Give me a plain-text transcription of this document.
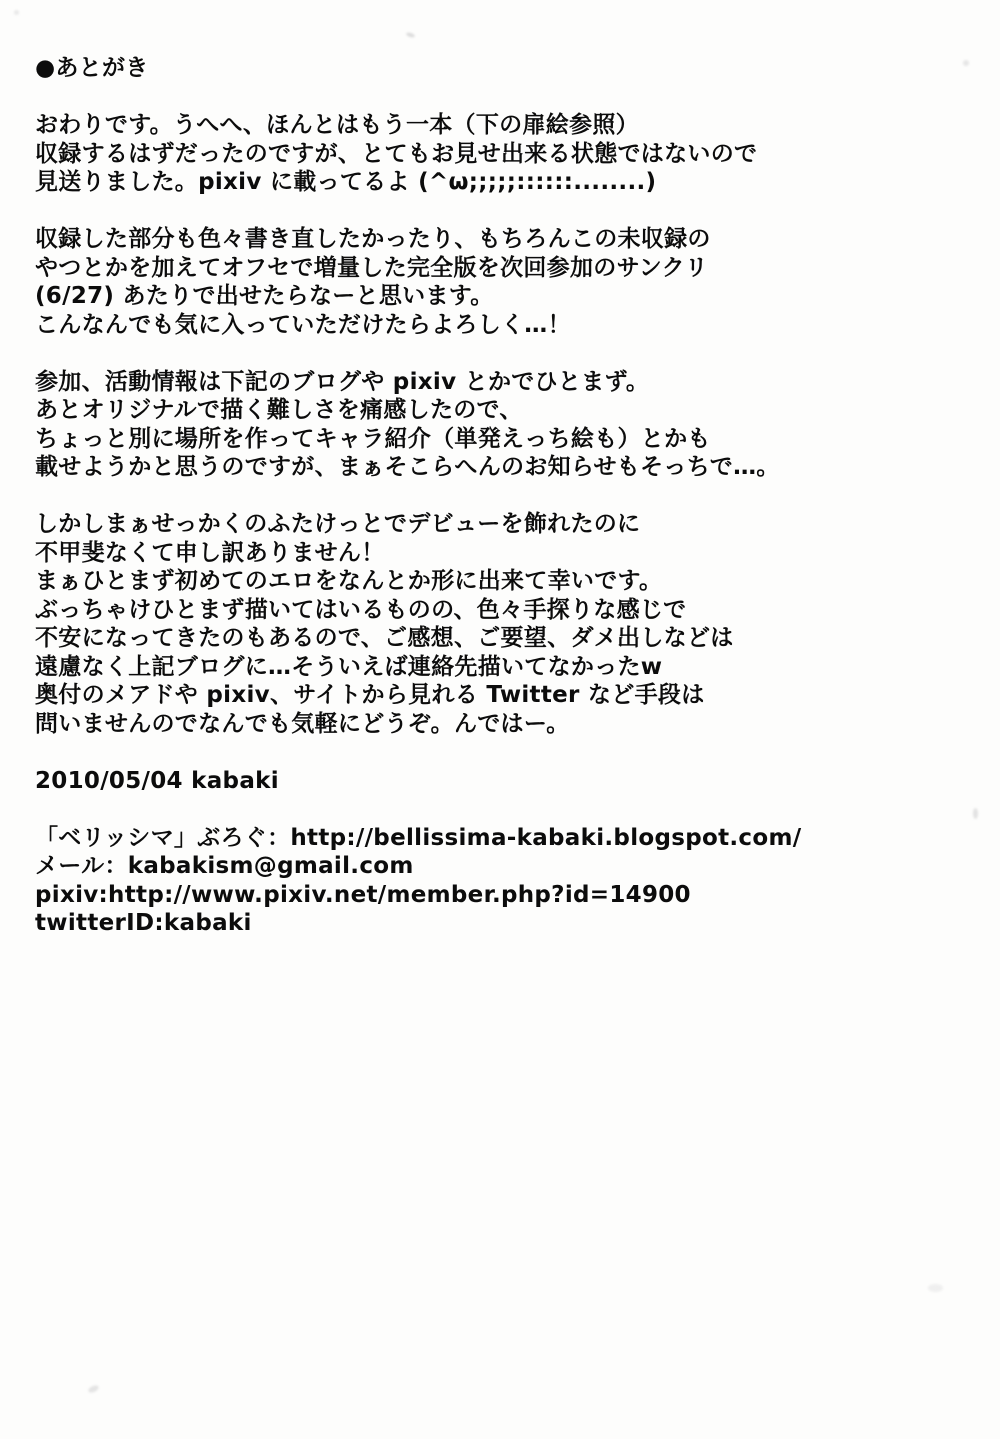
●あとがき

おわりです。うへへ、ほんとはもう一本（下の扉絵参照）

収録するはずだったのですが、とてもお見せ出来る状態ではないので

見送りました。pixiv に載ってるよ (^ω;;;;;::::::........)

収録した部分も色々書き直したかったり、もちろんこの未収録の

やつとかを加えてオフセで増量した完全版を次回参加のサンクリ

(6/27) あたりで出せたらなーと思います。

こんなんでも気に入っていただけたらよろしく…！

参加、活動情報は下記のブログや pixiv とかでひとまず。

あとオリジナルで描く難しさを痛感したので、

ちょっと別に場所を作ってキャラ紹介（単発えっち絵も）とかも

載せようかと思うのですが、まぁそこらへんのお知らせもそっちで…。

しかしまぁせっかくのふたけっとでデビューを飾れたのに

不甲斐なくて申し訳ありません！

まぁひとまず初めてのエロをなんとか形に出来て幸いです。

ぶっちゃけひとまず描いてはいるものの、色々手探りな感じで

不安になってきたのもあるので、ご感想、ご要望、ダメ出しなどは

遠慮なく上記ブログに…そういえば連絡先描いてなかったw

奥付のメアドや pixiv、サイトから見れる Twitter など手段は

問いませんのでなんでも気軽にどうぞ。んではー。

2010/05/04 kabaki

「ベリッシマ」ぶろぐ：http://bellissima-kabaki.blogspot.com/

メール：kabakism@gmail.com

pixiv:http://www.pixiv.net/member.php?id=14900

twitterID:kabaki
